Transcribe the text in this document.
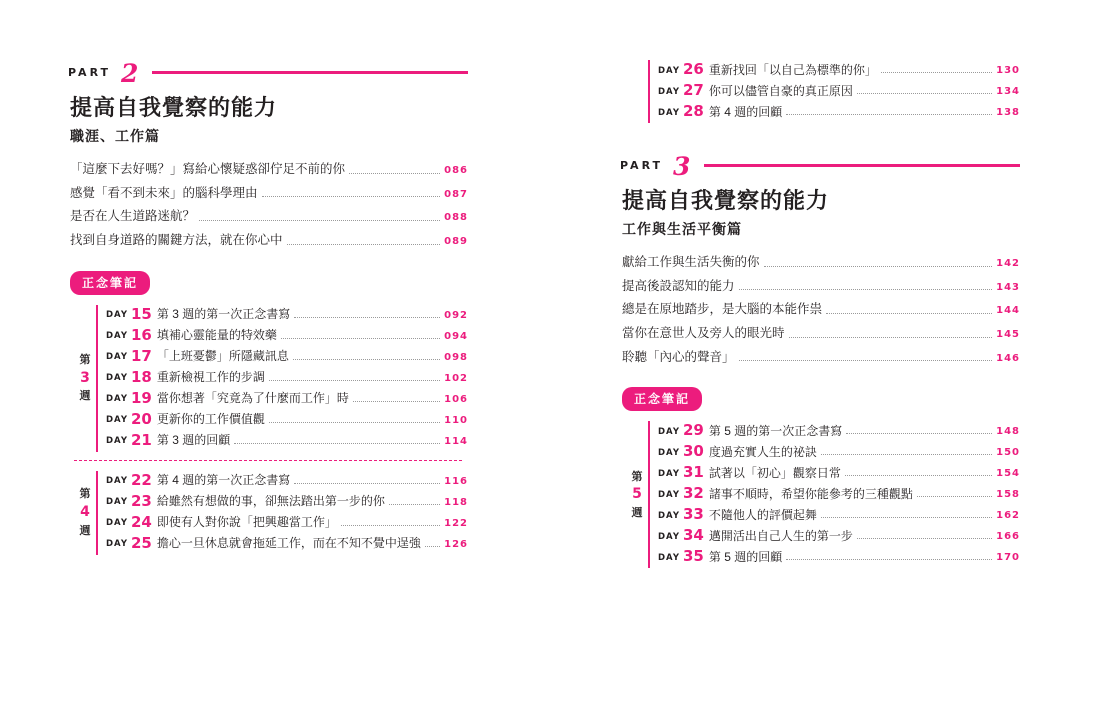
PART 2
提高自我覺察的能力
職涯、工作篇
「這麼下去好嗎？」寫給心懷疑惑卻佇足不前的你	086
感覺「看不到未來」的腦科學理由	087
是否在人生道路迷航？	088
找到自身道路的關鍵方法，就在你心中	089
正念筆記
第
3
週
DAY 15 第 3 週的第一次正念書寫	092
DAY 16 填補心靈能量的特效藥	094
DAY 17 「上班憂鬱」所隱藏訊息	098
DAY 18 重新檢視工作的步調	102
DAY 19 當你想著「究竟為了什麼而工作」時	106
DAY 20 更新你的工作價值觀	110
DAY 21 第 3 週的回顧	114
第
4
週
DAY 22 第 4 週的第一次正念書寫	116
DAY 23 給雖然有想做的事，卻無法踏出第一步的你	118
DAY 24 即使有人對你說「把興趣當工作」	122
DAY 25 擔心一旦休息就會拖延工作，而在不知不覺中逞強 126
DAY 26 重新找回「以自己為標準的你」	130
DAY 27 你可以儘管自豪的真正原因	134
DAY 28 第 4 週的回顧	138
PART 3
提高自我覺察的能力
工作與生活平衡篇
獻給工作與生活失衡的你	142
提高後設認知的能力	143
總是在原地踏步，是大腦的本能作祟	144
當你在意世人及旁人的眼光時	145
聆聽「內心的聲音」	146
正念筆記
第
5
週
DAY 29 第 5 週的第一次正念書寫	148
DAY 30 度過充實人生的祕訣	150
DAY 31 試著以「初心」觀察日常	154
DAY 32 諸事不順時，希望你能參考的三種觀點	158
DAY 33 不隨他人的評價起舞	162
DAY 34 邁開活出自己人生的第一步	166
DAY 35 第 5 週的回顧	170
